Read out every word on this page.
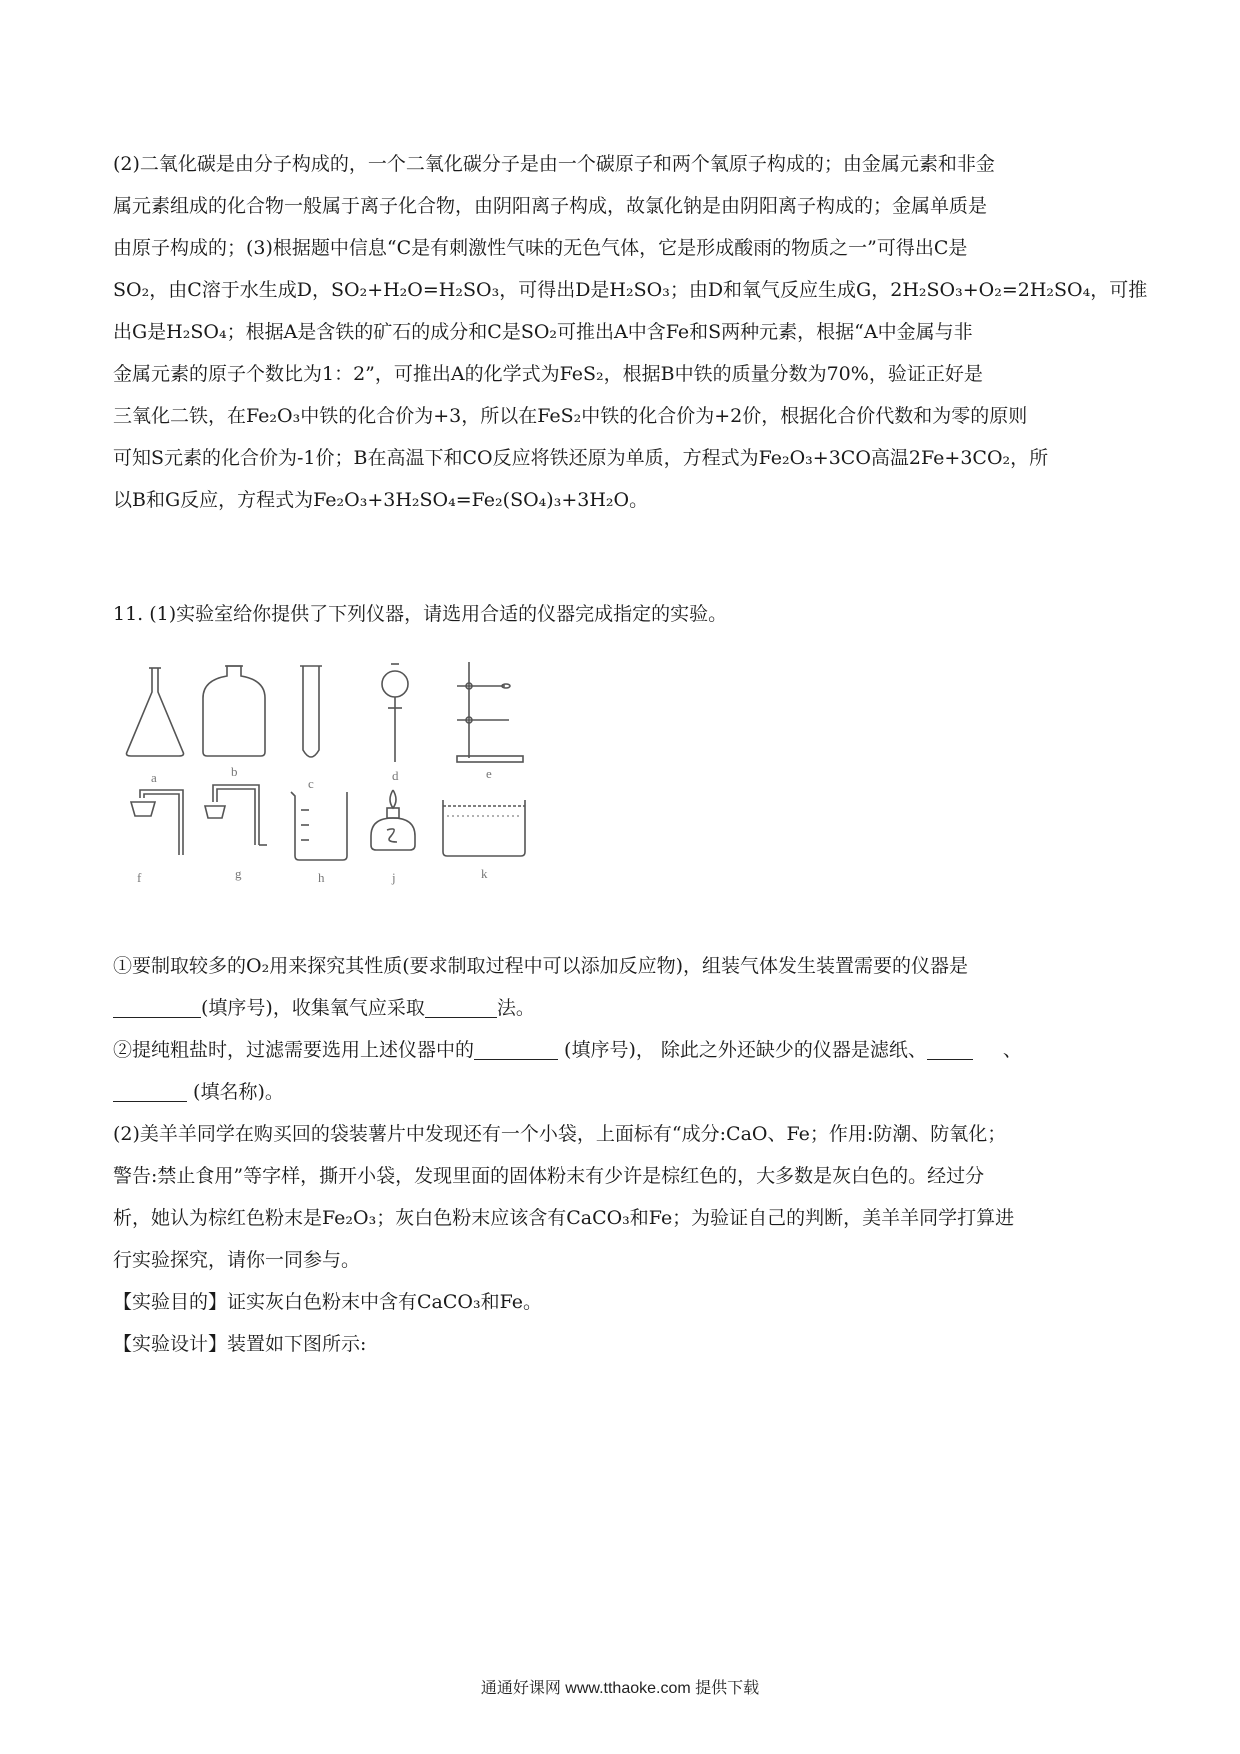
(2)二氧化碳是由分子构成的，一个二氧化碳分子是由一个碳原子和两个氧原子构成的；由金属元素和非金
属元素组成的化合物一般属于离子化合物，由阴阳离子构成，故氯化钠是由阴阳离子构成的；金属单质是
由原子构成的；(3)根据题中信息“C是有刺激性气味的无色气体，它是形成酸雨的物质之一”可得出C是
SO₂，由C溶于水生成D，SO₂+H₂O=H₂SO₃，可得出D是H₂SO₃；由D和氧气反应生成G，2H₂SO₃+O₂=2H₂SO₄，可推
出G是H₂SO₄；根据A是含铁的矿石的成分和C是SO₂可推出A中含Fe和S两种元素，根据“A中金属与非
金属元素的原子个数比为1：2”，可推出A的化学式为FeS₂，根据B中铁的质量分数为70%，验证正好是
三氧化二铁，在Fe₂O₃中铁的化合价为+3，所以在FeS₂中铁的化合价为+2价，根据化合价代数和为零的原则
可知S元素的化合价为-1价；B在高温下和CO反应将铁还原为单质，方程式为Fe₂O₃+3CO高温2Fe+3CO₂，所
以B和G反应，方程式为Fe₂O₃+3H₂SO₄=Fe₂(SO₄)₃+3H₂O。
11. (1)实验室给你提供了下列仪器，请选用合适的仪器完成指定的实验。
a	b
c
d	e
f	g	h	j	k
①要制取较多的O₂用来探究其性质(要求制取过程中可以添加反应物)，组装气体发生装置需要的仪器是
(填序号)，收集氧气应采取	法。
②提纯粗盐时，过滤需要选用上述仪器中的	(填序号)， 除此之外还缺少的仪器是滤纸、	、
(填名称)。
(2)美羊羊同学在购买回的袋装薯片中发现还有一个小袋，上面标有“成分:CaO、Fe；作用:防潮、防氧化；
警告:禁止食用”等字样，撕开小袋，发现里面的固体粉末有少许是棕红色的，大多数是灰白色的。经过分
析，她认为棕红色粉末是Fe₂O₃；灰白色粉末应该含有CaCO₃和Fe；为验证自己的判断，美羊羊同学打算进
行实验探究，请你一同参与。
【实验目的】证实灰白色粉末中含有CaCO₃和Fe。
【实验设计】装置如下图所示:
通通好课网 www.tthaoke.com 提供下载
